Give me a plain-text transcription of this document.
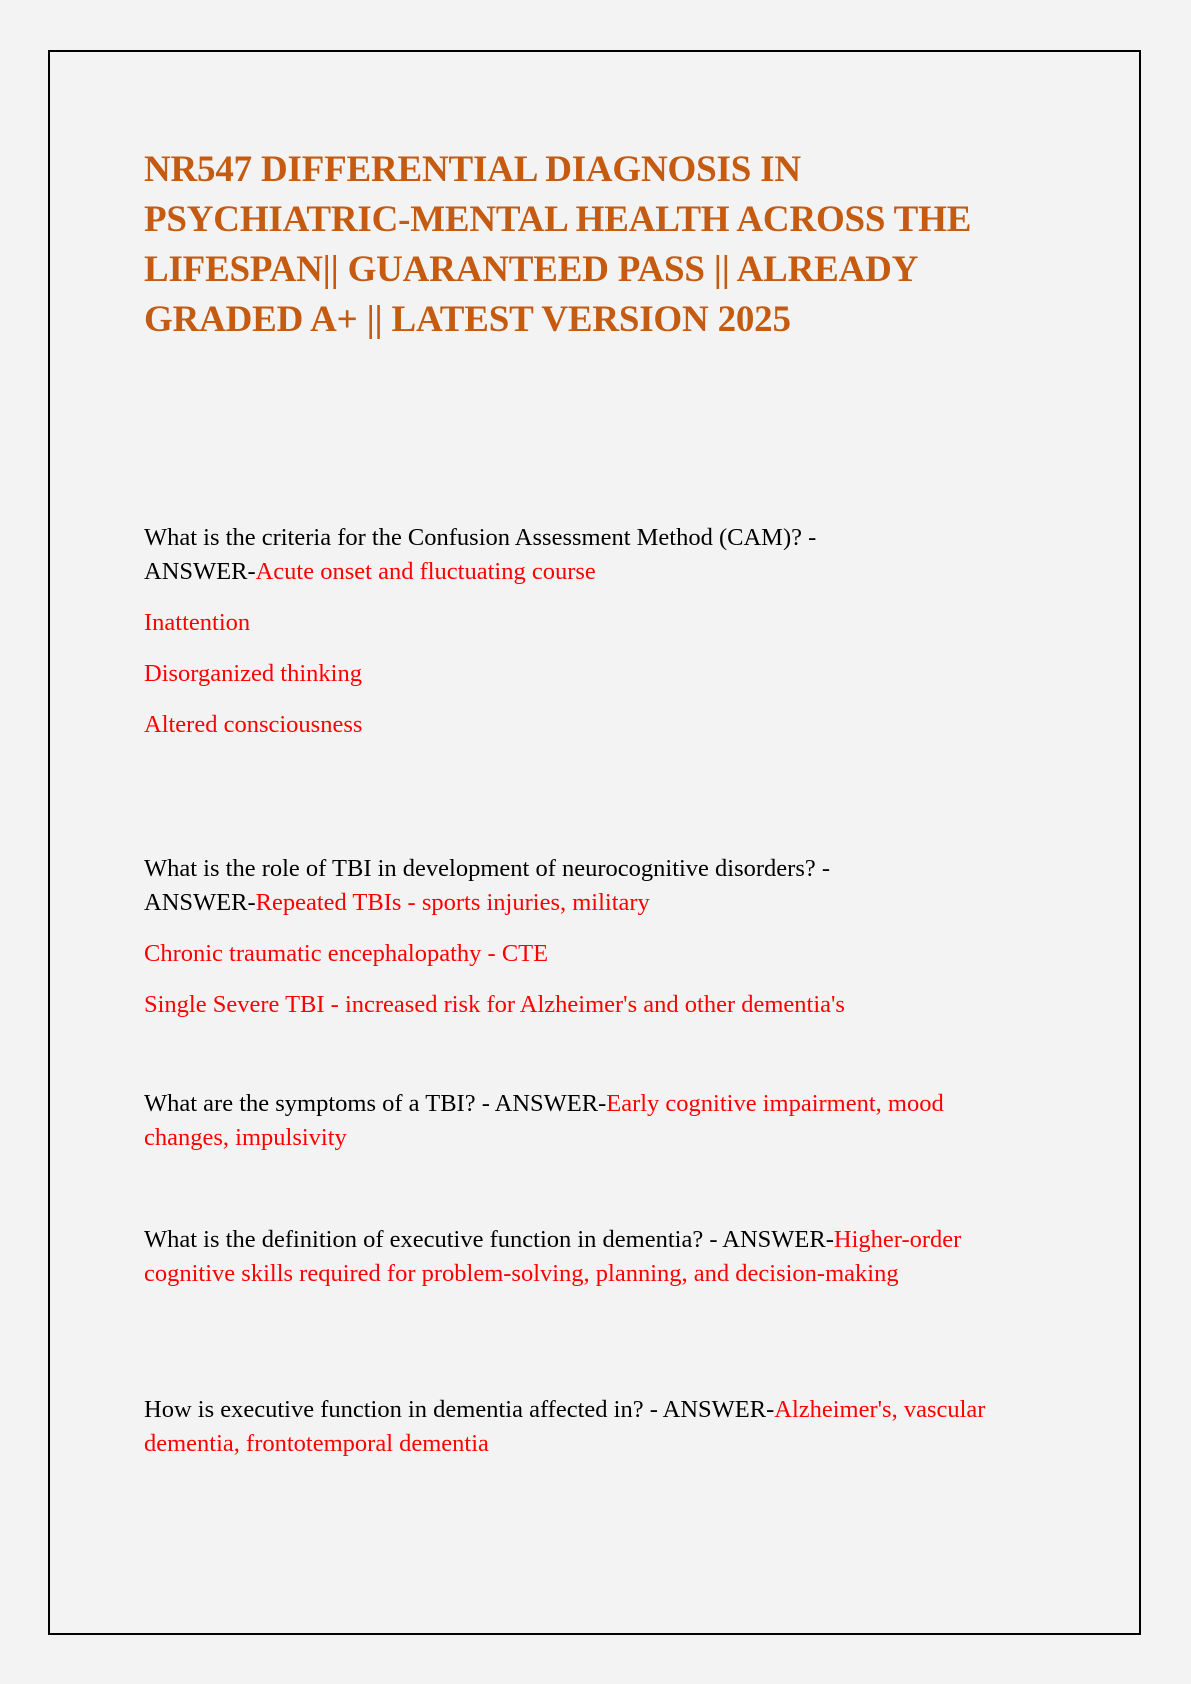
NR547 DIFFERENTIAL DIAGNOSIS IN PSYCHIATRIC-MENTAL HEALTH ACROSS THE LIFESPAN|| GUARANTEED PASS || ALREADY GRADED A+ || LATEST VERSION 2025

What is the criteria for the Confusion Assessment Method (CAM)? -
ANSWER-Acute onset and fluctuating course

Inattention

Disorganized thinking

Altered consciousness

What is the role of TBI in development of neurocognitive disorders? -
ANSWER-Repeated TBIs - sports injuries, military

Chronic traumatic encephalopathy - CTE

Single Severe TBI - increased risk for Alzheimer's and other dementia's

What are the symptoms of a TBI? - ANSWER-Early cognitive impairment, mood changes, impulsivity

What is the definition of executive function in dementia? - ANSWER-Higher-order cognitive skills required for problem-solving, planning, and decision-making

How is executive function in dementia affected in? - ANSWER-Alzheimer's, vascular dementia, frontotemporal dementia
